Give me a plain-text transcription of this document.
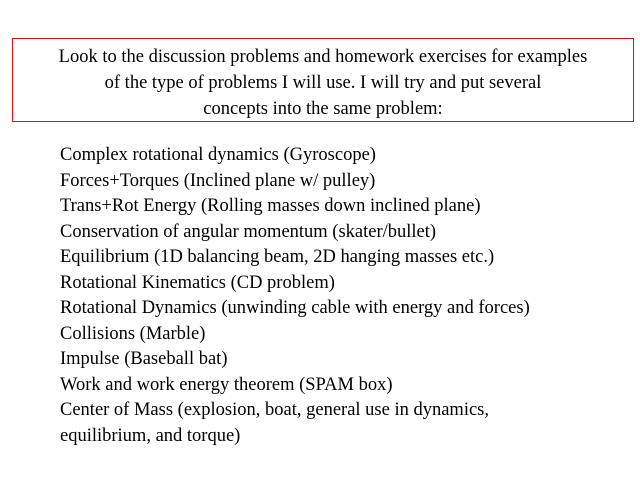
Look to the discussion problems and homework exercises for examples
of the type of problems I will use. I will try and put several
concepts into the same problem:
Complex rotational dynamics (Gyroscope)
Forces+Torques (Inclined plane w/ pulley)
Trans+Rot Energy (Rolling masses down inclined plane)
Conservation of angular momentum (skater/bullet)
Equilibrium (1D balancing beam, 2D hanging masses etc.)
Rotational Kinematics (CD problem)
Rotational Dynamics (unwinding cable with energy and forces)
Collisions (Marble)
Impulse (Baseball bat)
Work and work energy theorem (SPAM box)
Center of Mass (explosion, boat, general use in dynamics,
equilibrium, and torque)
